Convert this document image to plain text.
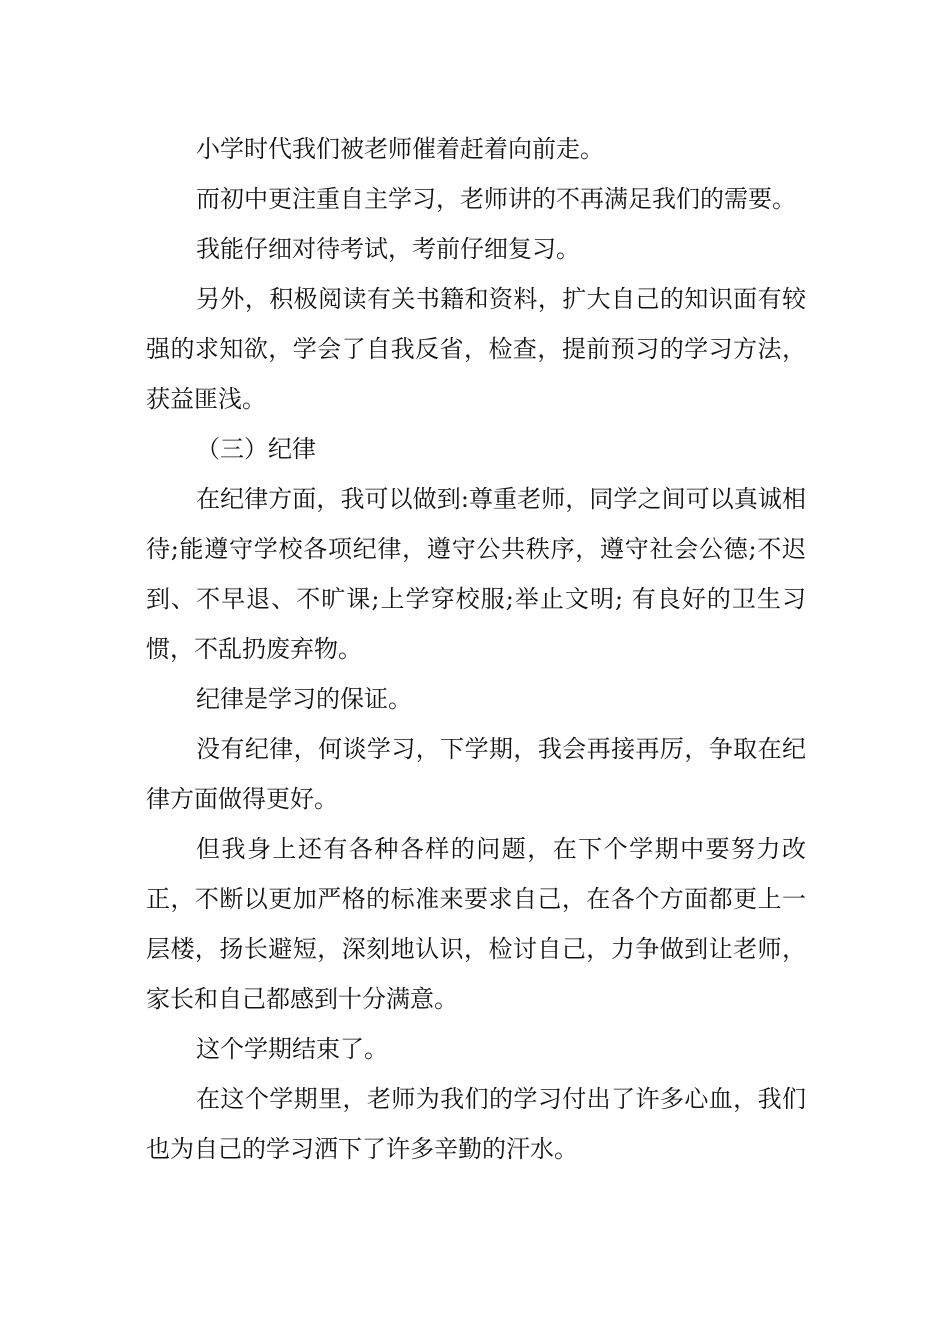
小学时代我们被老师催着赶着向前走。

而初中更注重自主学习，老师讲的不再满足我们的需要。

我能仔细对待考试，考前仔细复习。

另外，积极阅读有关书籍和资料，扩大自己的知识面有较强的求知欲，学会了自我反省，检查，提前预习的学习方法，获益匪浅。

（三）纪律

在纪律方面，我可以做到:尊重老师，同学之间可以真诚相待;能遵守学校各项纪律，遵守公共秩序，遵守社会公德;不迟到、不早退、不旷课;上学穿校服;举止文明; 有良好的卫生习惯，不乱扔废弃物。

纪律是学习的保证。

没有纪律，何谈学习，下学期，我会再接再厉，争取在纪律方面做得更好。

但我身上还有各种各样的问题，在下个学期中要努力改正，不断以更加严格的标准来要求自己，在各个方面都更上一层楼，扬长避短，深刻地认识，检讨自己，力争做到让老师，家长和自己都感到十分满意。

这个学期结束了。

在这个学期里，老师为我们的学习付出了许多心血，我们也为自己的学习洒下了许多辛勤的汗水。
